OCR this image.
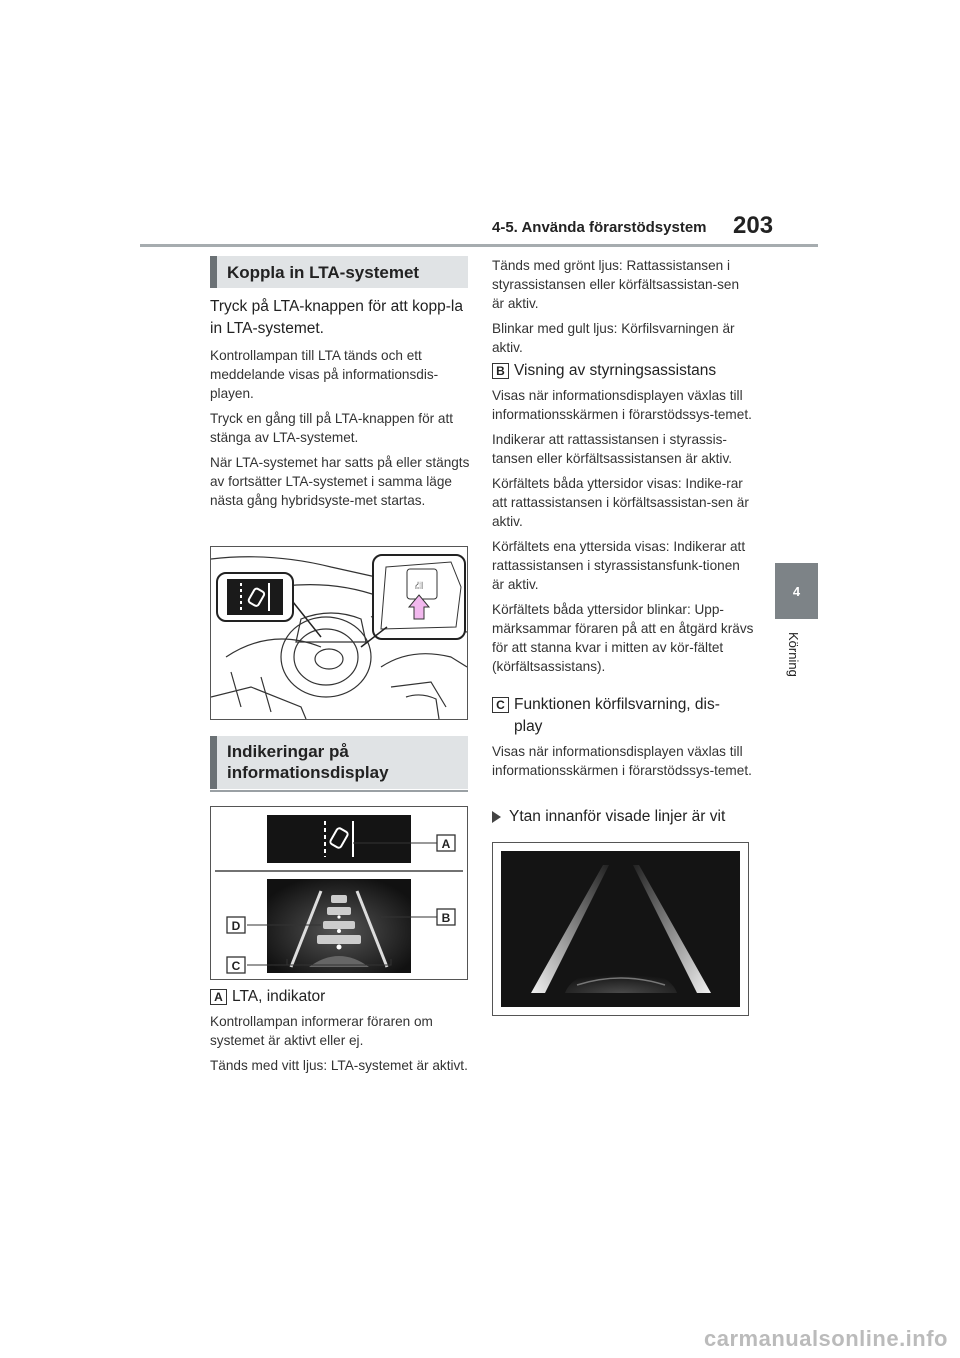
4-5. Använda förarstödsystem 203
4
Körning
Koppla in LTA-systemet

Tryck på LTA-knappen för att kopp-la in LTA-systemet.

Kontrollampan till LTA tänds och ett meddelande visas på informationsdis-playen.

Tryck en gång till på LTA-knappen för att stänga av LTA-systemet.

När LTA-systemet har satts på eller stängts av fortsätter LTA-systemet i samma läge nästa gång hybridsyste-met startas.

⛜
Indikeringar på
informationsdisplay
A
B
D
C
A LTA, indikator

Kontrollampan informerar föraren om systemet är aktivt eller ej.

Tänds med vitt ljus: LTA-systemet är aktivt.

Tänds med grönt ljus: Rattassistansen i styrassistansen eller körfältsassistan-sen är aktiv.

Blinkar med gult ljus: Körfilsvarningen är aktiv.

B Visning av styrningsassistans

Visas när informationsdisplayen växlas till informationsskärmen i förarstödssys-temet.

Indikerar att rattassistansen i styrassis-tansen eller körfältsassistansen är aktiv.

Körfältets båda yttersidor visas: Indike-rar att rattassistansen i körfältsassistan-sen är aktiv.

Körfältets ena yttersida visas: Indikerar att rattassistansen i styrassistansfunk-tionen är aktiv.

Körfältets båda yttersidor blinkar: Upp-märksammar föraren på att en åtgärd krävs för att stanna kvar i mitten av kör-fältet (körfältsassistans).

C Funktionen körfilsvarning, dis-
play

Visas när informationsdisplayen växlas till informationsskärmen i förarstödssys-temet.

Ytan innanför visade linjer är vit
carmanualsonline.info
